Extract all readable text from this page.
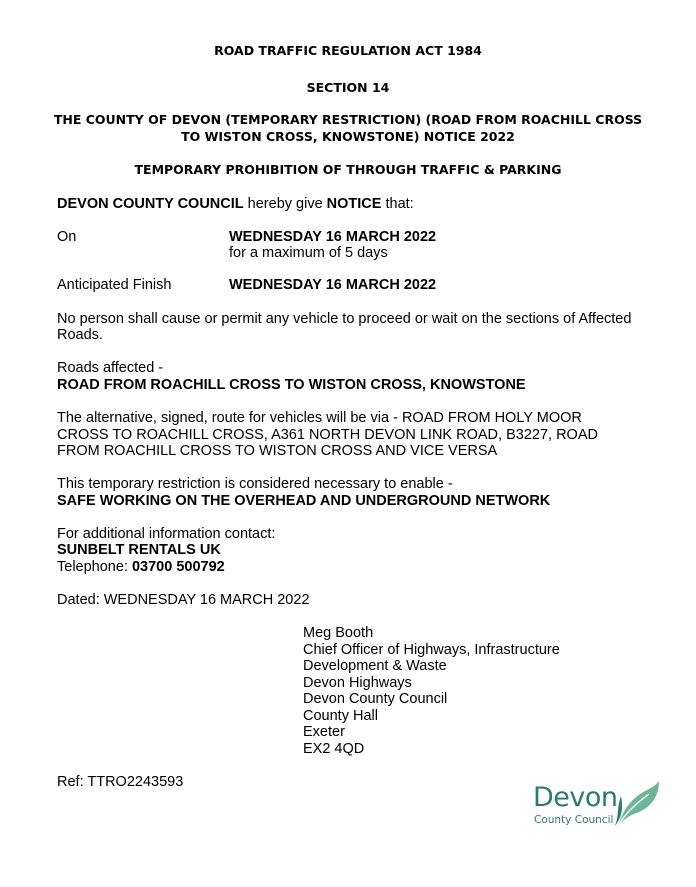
ROAD TRAFFIC REGULATION ACT 1984
SECTION 14
THE COUNTY OF DEVON (TEMPORARY RESTRICTION) (ROAD FROM ROACHILL CROSS
TO WISTON CROSS, KNOWSTONE) NOTICE 2022
TEMPORARY PROHIBITION OF THROUGH TRAFFIC & PARKING
DEVON COUNTY COUNCIL hereby give NOTICE that:
On	WEDNESDAY 16 MARCH 2022
for a maximum of 5 days
Anticipated Finish	WEDNESDAY 16 MARCH 2022
No person shall cause or permit any vehicle to proceed or wait on the sections of Affected
Roads.
Roads affected -
ROAD FROM ROACHILL CROSS TO WISTON CROSS, KNOWSTONE
The alternative, signed, route for vehicles will be via - ROAD FROM HOLY MOOR
CROSS TO ROACHILL CROSS, A361 NORTH DEVON LINK ROAD, B3227, ROAD
FROM ROACHILL CROSS TO WISTON CROSS AND VICE VERSA
This temporary restriction is considered necessary to enable -
SAFE WORKING ON THE OVERHEAD AND UNDERGROUND NETWORK
For additional information contact:
SUNBELT RENTALS UK
Telephone: 03700 500792
Dated: WEDNESDAY 16 MARCH 2022
Meg Booth
Chief Officer of Highways, Infrastructure
Development & Waste
Devon Highways
Devon County Council
County Hall
Exeter
EX2 4QD
Ref: TTRO2243593	Devon
County Council
